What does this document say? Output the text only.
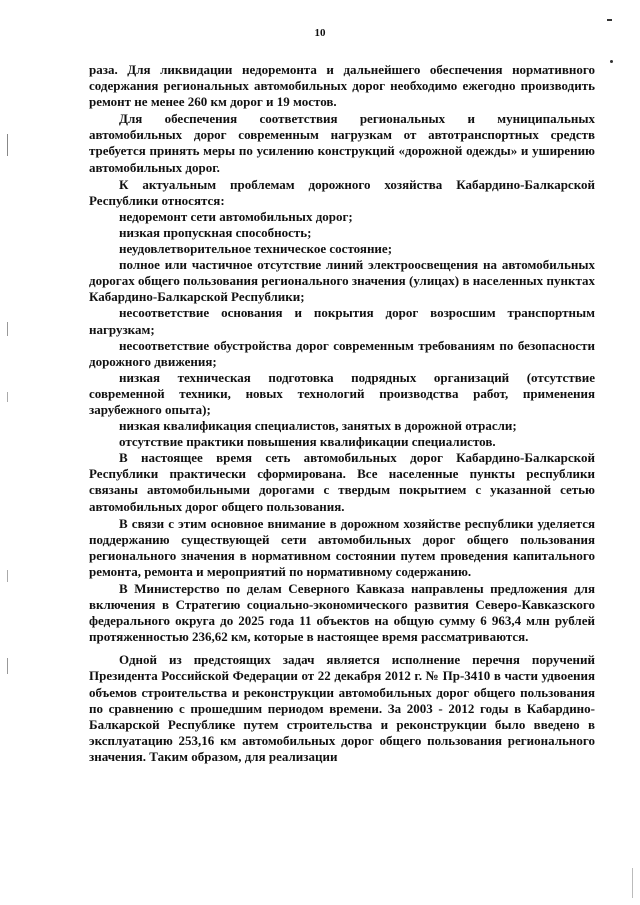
10

раза. Для ликвидации недоремонта и дальнейшего обеспечения нормативного содержания региональных автомобильных дорог необходимо ежегодно производить ремонт не менее 260 км дорог и 19 мостов.

Для обеспечения соответствия региональных и муниципальных автомобильных дорог современным нагрузкам от автотранспортных средств требуется принять меры по усилению конструкций «дорожной одежды» и уширению автомобильных дорог.

К актуальным проблемам дорожного хозяйства Кабардино-Балкарской Республики относятся:

недоремонт сети автомобильных дорог;

низкая пропускная способность;

неудовлетворительное техническое состояние;

полное или частичное отсутствие линий электроосвещения на автомобильных дорогах общего пользования регионального значения (улицах) в населенных пунктах Кабардино-Балкарской Республики;

несоответствие основания и покрытия дорог возросшим транспортным нагрузкам;

несоответствие обустройства дорог современным требованиям по безопасности дорожного движения;

низкая техническая подготовка подрядных организаций (отсутствие современной техники, новых технологий производства работ, применения зарубежного опыта);

низкая квалификация специалистов, занятых в дорожной отрасли;

отсутствие практики повышения квалификации специалистов.

В настоящее время сеть автомобильных дорог Кабардино-Балкарской Республики практически сформирована. Все населенные пункты республики связаны автомобильными дорогами с твердым покрытием с указанной сетью автомобильных дорог общего пользования.

В связи с этим основное внимание в дорожном хозяйстве республики уделяется поддержанию существующей сети автомобильных дорог общего пользования регионального значения в нормативном состоянии путем проведения капитального ремонта, ремонта и мероприятий по нормативному содержанию.

В Министерство по делам Северного Кавказа направлены предложения для включения в Стратегию социально-экономического развития Северо-Кавказского федерального округа до 2025 года 11 объектов на общую сумму 6 963,4 млн рублей протяженностью 236,62 км, которые в настоящее время рассматриваются.

Одной из предстоящих задач является исполнение перечня поручений Президента Российской Федерации от 22 декабря 2012 г. № Пр-3410 в части удвоения объемов строительства и реконструкции автомобильных дорог общего пользования по сравнению с прошедшим периодом времени. За 2003 - 2012 годы в Кабардино-Балкарской Республике путем строительства и реконструкции было введено в эксплуатацию 253,16 км автомобильных дорог общего пользования регионального значения. Таким образом, для реализации
